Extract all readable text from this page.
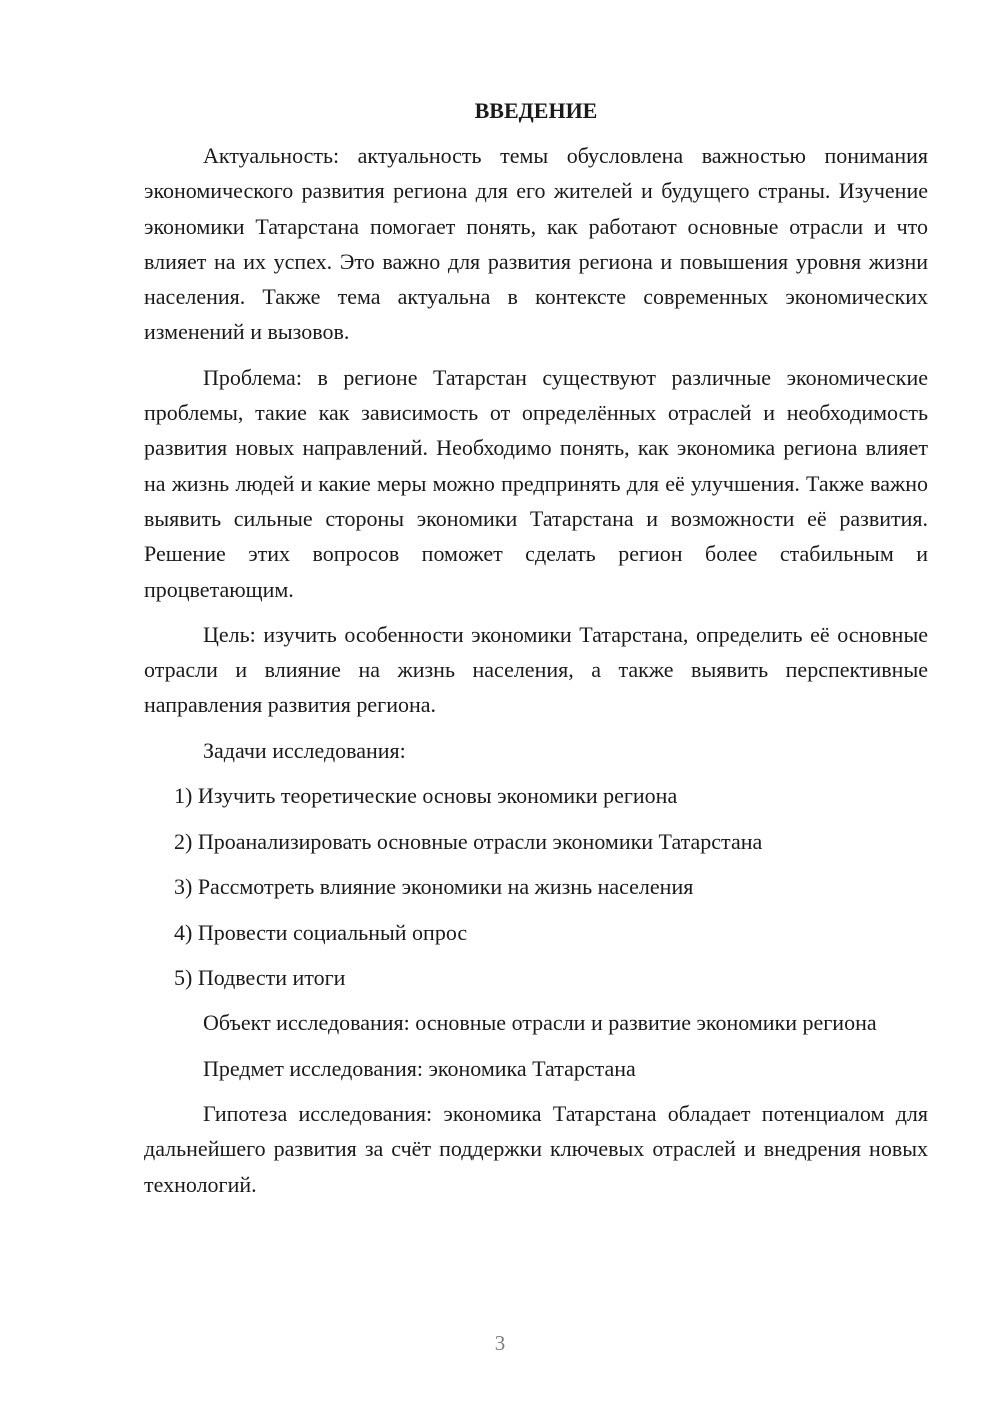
ВВЕДЕНИЕ

Актуальность: актуальность темы обусловлена важностью понимания экономического развития региона для его жителей и будущего страны. Изучение экономики Татарстана помогает понять, как работают основные отрасли и что влияет на их успех. Это важно для развития региона и повышения уровня жизни населения. Также тема актуальна в контексте современных экономических изменений и вызовов.

Проблема: в регионе Татарстан существуют различные экономические проблемы, такие как зависимость от определённых отраслей и необходимость развития новых направлений. Необходимо понять, как экономика региона влияет на жизнь людей и какие меры можно предпринять для её улучшения. Также важно выявить сильные стороны экономики Татарстана и возможности её развития. Решение этих вопросов поможет сделать регион более стабильным и процветающим.

Цель: изучить особенности экономики Татарстана, определить её основные отрасли и влияние на жизнь населения, а также выявить перспективные направления развития региона.

Задачи исследования:

1) Изучить теоретические основы экономики региона
2) Проанализировать основные отрасли экономики Татарстана
3) Рассмотреть влияние экономики на жизнь населения
4) Провести социальный опрос
5) Подвести итоги

Объект исследования: основные отрасли и развитие экономики региона

Предмет исследования: экономика Татарстана

Гипотеза исследования: экономика Татарстана обладает потенциалом для дальнейшего развития за счёт поддержки ключевых отраслей и внедрения новых технологий.

3
